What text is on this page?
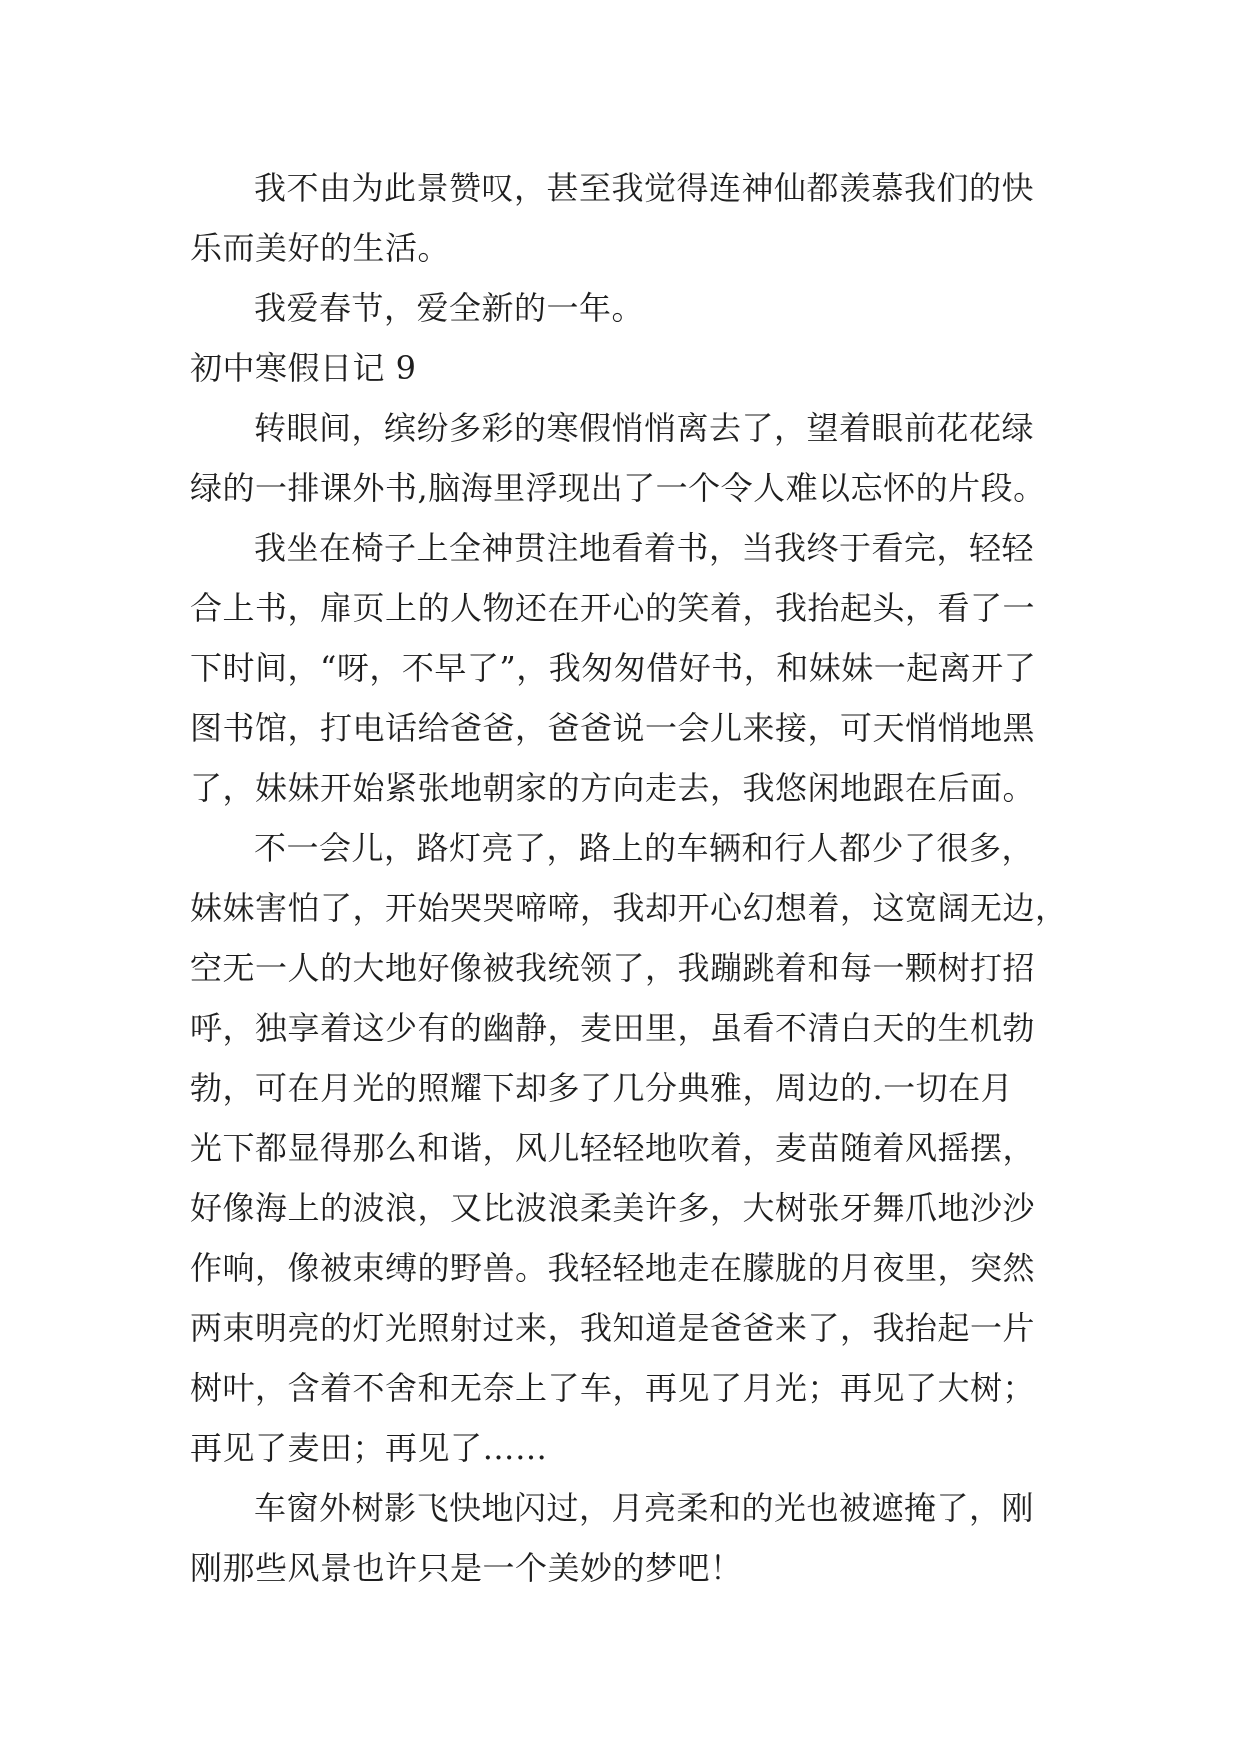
我不由为此景赞叹，甚至我觉得连神仙都羡慕我们的快
乐而美好的生活。
我爱春节，爱全新的一年。
初中寒假日记 9
转眼间，缤纷多彩的寒假悄悄离去了，望着眼前花花绿
绿的一排课外书,脑海里浮现出了一个令人难以忘怀的片段。
我坐在椅子上全神贯注地看着书，当我终于看完，轻轻
合上书，扉页上的人物还在开心的笑着，我抬起头，看了一
下时间，“呀，不早了”，我匆匆借好书，和妹妹一起离开了
图书馆，打电话给爸爸，爸爸说一会儿来接，可天悄悄地黑
了，妹妹开始紧张地朝家的方向走去，我悠闲地跟在后面。
不一会儿，路灯亮了，路上的车辆和行人都少了很多，
妹妹害怕了，开始哭哭啼啼，我却开心幻想着，这宽阔无边，
空无一人的大地好像被我统领了，我蹦跳着和每一颗树打招
呼，独享着这少有的幽静，麦田里，虽看不清白天的生机勃
勃，可在月光的照耀下却多了几分典雅，周边的.一切在月
光下都显得那么和谐，风儿轻轻地吹着，麦苗随着风摇摆，
好像海上的波浪，又比波浪柔美许多，大树张牙舞爪地沙沙
作响，像被束缚的野兽。我轻轻地走在朦胧的月夜里，突然
两束明亮的灯光照射过来，我知道是爸爸来了，我抬起一片
树叶，含着不舍和无奈上了车，再见了月光；再见了大树；
再见了麦田；再见了……
车窗外树影飞快地闪过，月亮柔和的光也被遮掩了，刚
刚那些风景也许只是一个美妙的梦吧！
